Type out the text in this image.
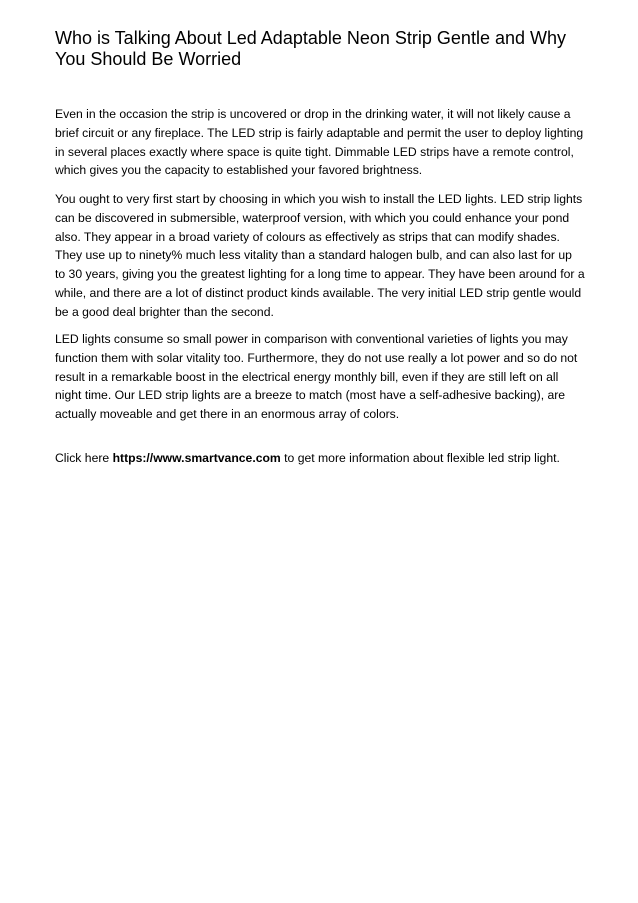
Who is Talking About Led Adaptable Neon Strip Gentle and Why You Should Be Worried

Even in the occasion the strip is uncovered or drop in the drinking water, it will not likely cause a brief circuit or any fireplace. The LED strip is fairly adaptable and permit the user to deploy lighting in several places exactly where space is quite tight. Dimmable LED strips have a remote control, which gives you the capacity to established your favored brightness.

You ought to very first start by choosing in which you wish to install the LED lights. LED strip lights can be discovered in submersible, waterproof version, with which you could enhance your pond also. They appear in a broad variety of colours as effectively as strips that can modify shades. They use up to ninety% much less vitality than a standard halogen bulb, and can also last for up to 30 years, giving you the greatest lighting for a long time to appear. They have been around for a while, and there are a lot of distinct product kinds available. The very initial LED strip gentle would be a good deal brighter than the second.

LED lights consume so small power in comparison with conventional varieties of lights you may function them with solar vitality too. Furthermore, they do not use really a lot power and so do not result in a remarkable boost in the electrical energy monthly bill, even if they are still left on all night time. Our LED strip lights are a breeze to match (most have a self-adhesive backing), are actually moveable and get there in an enormous array of colors.

Click here https://www.smartvance.com to get more information about flexible led strip light.
